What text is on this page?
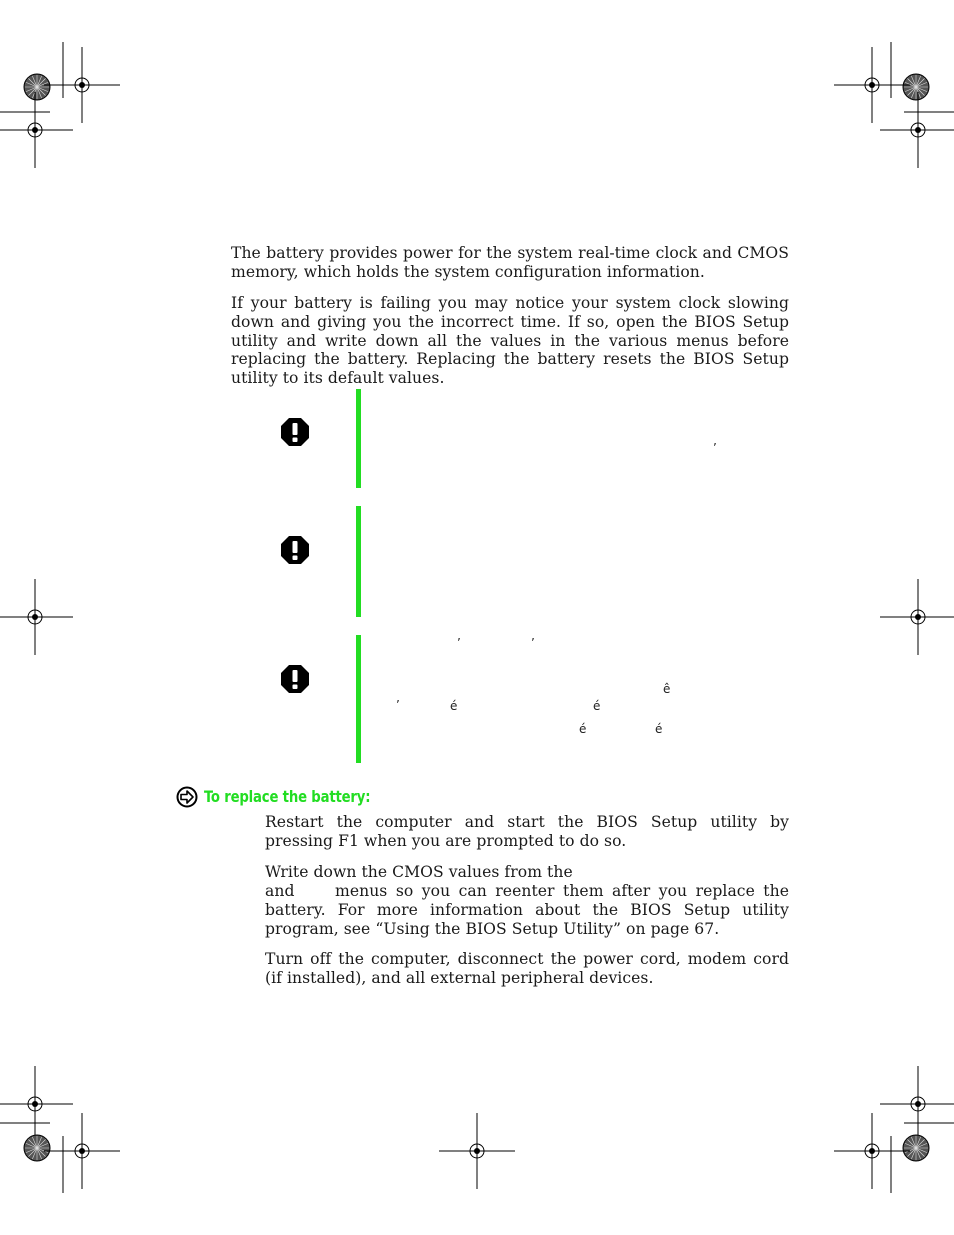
The battery provides power for the system real-time clock and CMOS memory, which holds the system configuration information.

If your battery is failing you may notice your system clock slowing down and giving you the incorrect time. If so, open the BIOS Setup utility and write down all the values in the various menus before replacing the battery. Replacing the battery resets the BIOS Setup utility to its default values.

’
’	’
ê
’	é	é
é	é
To replace the battery:

Restart the computer and start the BIOS Setup utility by pressing F1 when you are prompted to do so.

Write down the CMOS values from the
and	menus so you can reenter them after you replace the battery. For more information about the BIOS Setup utility program, see “Using the BIOS Setup Utility” on page 67.

Turn off the computer, disconnect the power cord, modem cord (if installed), and all external peripheral devices.
